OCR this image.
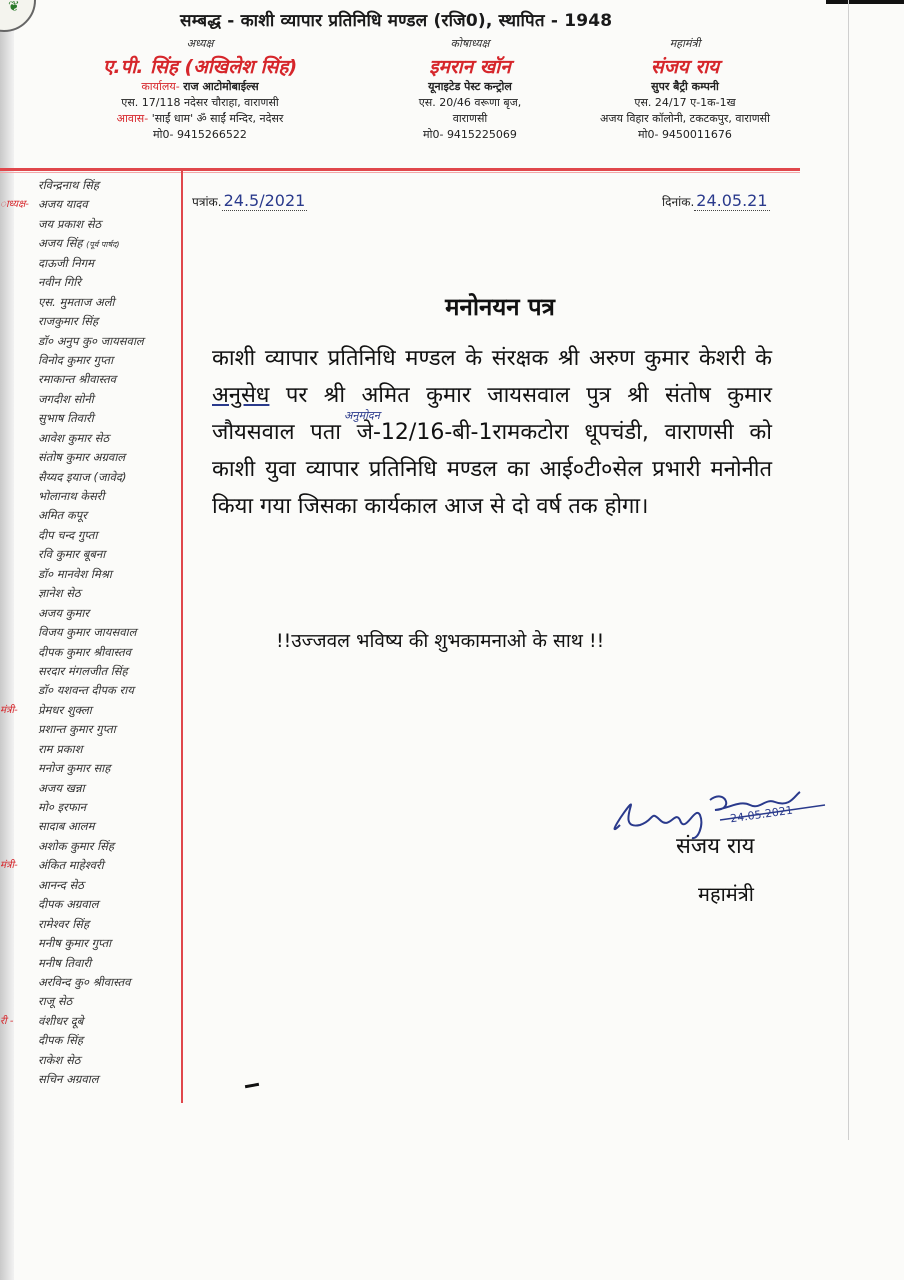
❦
सम्बद्ध - काशी व्यापार प्रतिनिधि मण्डल (रजि0), स्थापित - 1948
अध्यक्ष
ए.पी. सिंह (अखिलेश सिंह)
कार्यालय- राज आटोमोबाईल्स
एस. 17/118 नदेसर चौराहा, वाराणसी
आवास- 'साईं धाम' ॐ साईं मन्दिर, नदेसर
मो0- 9415266522
कोषाध्यक्ष
इमरान खॉन
यूनाइटेड पेस्ट कन्ट्रोल
एस. 20/46 वरूणा बृज,
वाराणसी
मो0- 9415225069
महामंत्री
संजय राय
सुपर बैट्री कम्पनी
एस. 24/17 ए-1क-1ख
अजय विहार कॉलोनी, टकटकपुर, वाराणसी
मो0- 9450011676
रविन्द्रनाथ सिंह
ाध्यक्ष- अजय यादव
जय प्रकाश सेठ
अजय सिंह (पूर्व पार्षद)
दाऊजी निगम
नवीन गिरि
एस. मुमताज अली
राजकुमार सिंह
डॉ० अनुप कु० जायसवाल
विनोद कुमार गुप्ता
रमाकान्त श्रीवास्तव
जगदीश सोनी
सुभाष तिवारी
आवेश कुमार सेठ
संतोष कुमार अग्रवाल
सैय्यद इयाज (जावेद)
भोलानाथ केसरी
अमित कपूर
दीप चन्द गुप्ता
रवि कुमार बूबना
डॉ० मानवेश मिश्रा
ज्ञानेश सेठ
अजय कुमार
विजय कुमार जायसवाल
दीपक कुमार श्रीवास्तव
सरदार मंगलजीत सिंह
डॉ० यशवन्त दीपक राय
मंत्री- प्रेमधर शुक्ला
प्रशान्त कुमार गुप्ता
राम प्रकाश
मनोज कुमार साह
अजय खन्ना
मो० इरफान
सादाब आलम
अशोक कुमार सिंह
मंत्री- अंकित माहेश्वरी
आनन्द सेठ
दीपक अग्रवाल
रामेश्वर सिंह
मनीष कुमार गुप्ता
मनीष तिवारी
अरविन्द कु० श्रीवास्तव
राजू सेठ
री - वंशीधर दूबे
दीपक सिंह
राकेश सेठ
सचिन अग्रवाल
पत्रांक. 24.5/2021	दिनांक. 24.05.21
मनोनयन पत्र
काशी व्यापार प्रतिनिधि मण्डल के संरक्षक श्री अरुण कुमार केशरी के अनुसेध पर श्री अमित कुमार जायसवाल पुत्र श्री संतोष कुमार जौयसवाल पता जे-12/16-बी-1रामकटोरा धूपचंडी, वाराणसी को काशी युवा व्यापार प्रतिनिधि मण्डल का आई०टी०सेल प्रभारी मनोनीत किया गया जिसका कार्यकाल आज से दो वर्ष तक होगा।
अनुमोदन
!!उज्जवल भविष्य की शुभकामनाओ के साथ !!
24.05.2021
संजय राय
महामंत्री
